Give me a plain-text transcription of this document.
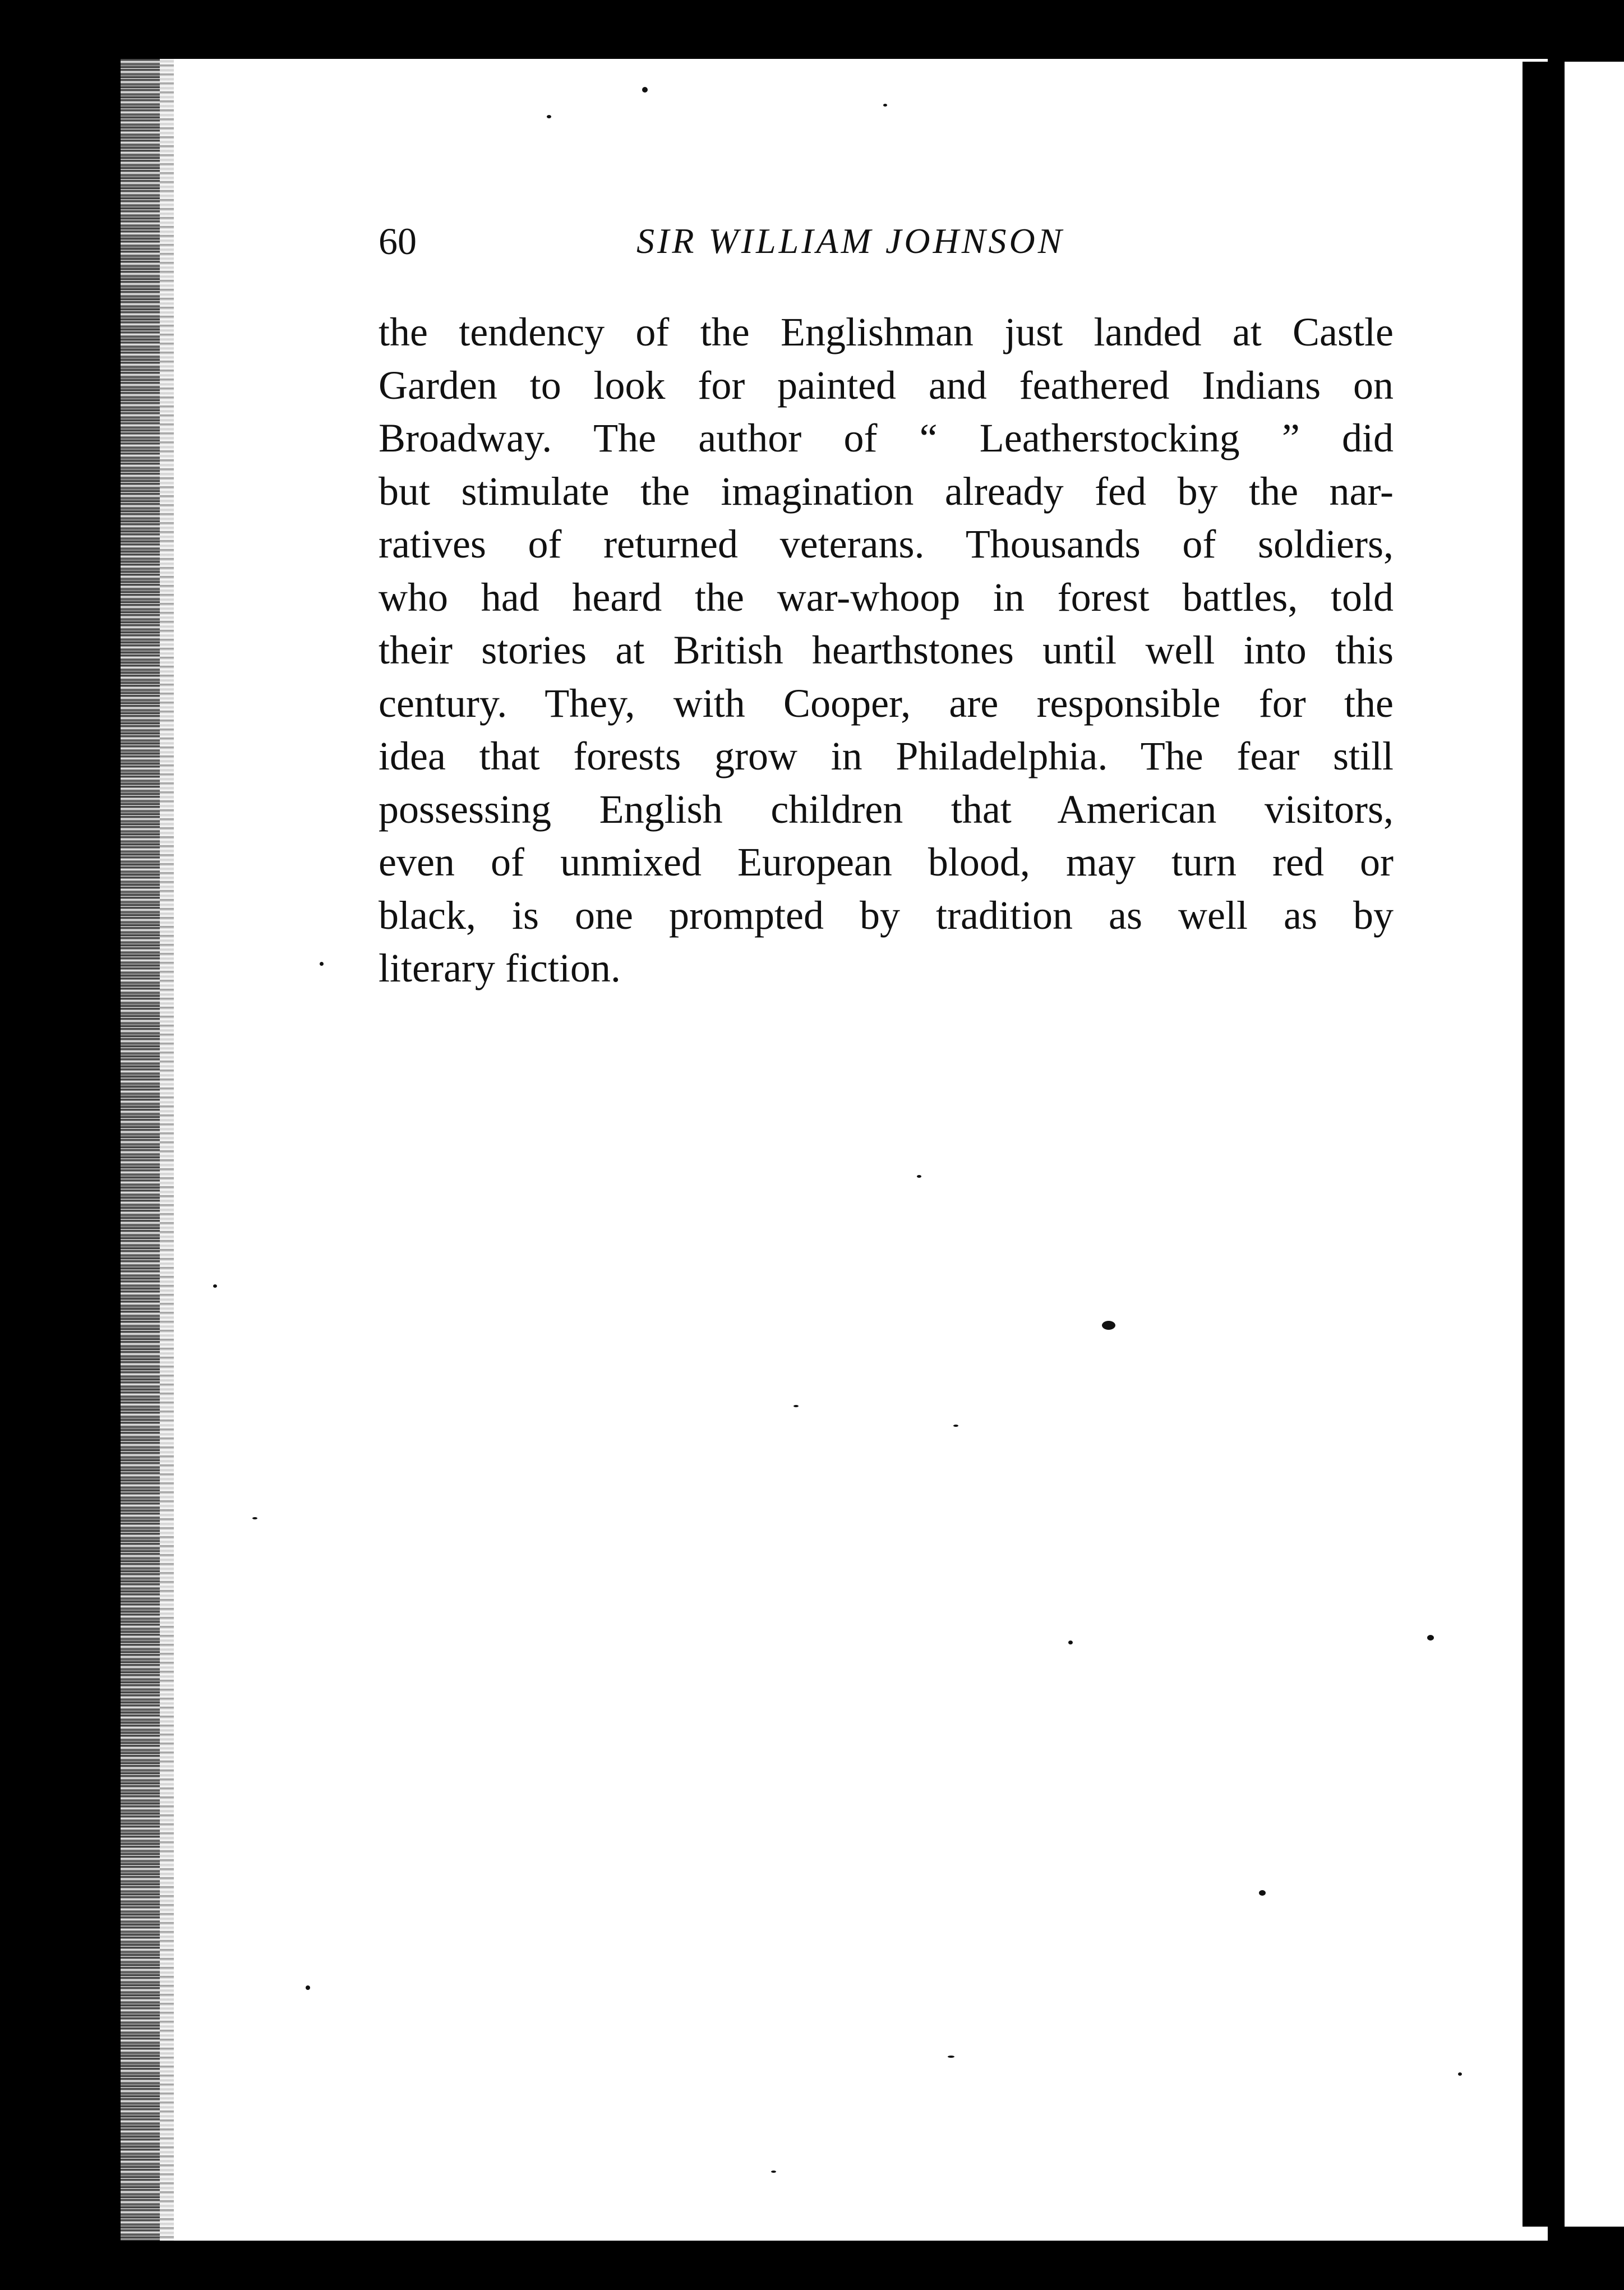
60	SIR WILLIAM JOHNSON
the tendency of the Englishman just landed at Castle
Garden to look for painted and feathered Indians on
Broadway. The author of “ Leatherstocking ” did
but stimulate the imagination already fed by the nar-
ratives of returned veterans. Thousands of soldiers,
who had heard the war-whoop in forest battles, told
their stories at British hearthstones until well into this
century. They, with Cooper, are responsible for the
idea that forests grow in Philadelphia. The fear still
possessing English children that American visitors,
even of unmixed European blood, may turn red or
black, is one prompted by tradition as well as by
literary fiction.
